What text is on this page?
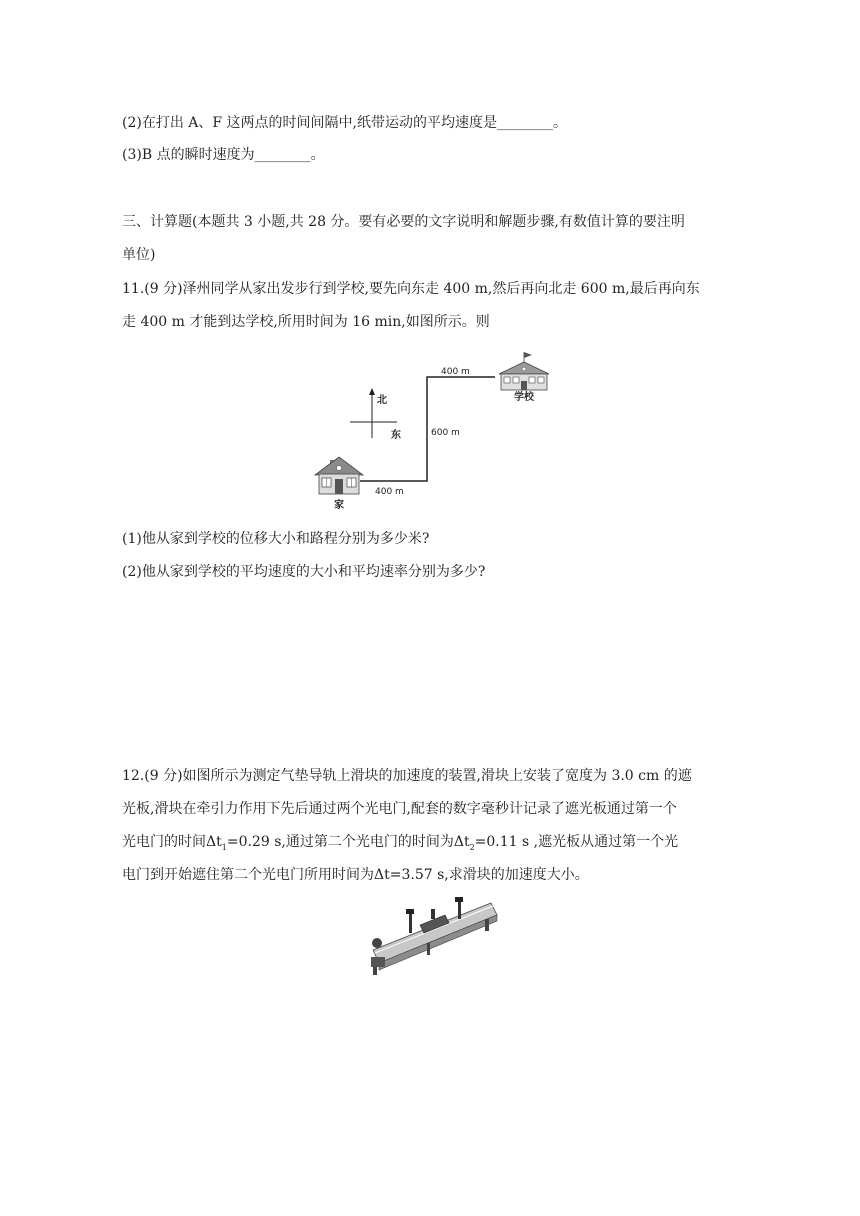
(2)在打出 A、F 这两点的时间间隔中,纸带运动的平均速度是________。
(3)B 点的瞬时速度为________。
三、计算题(本题共 3 小题,共 28 分。要有必要的文字说明和解题步骤,有数值计算的要注明
单位)
11.(9 分)泽州同学从家出发步行到学校,要先向东走 400 m,然后再向北走 600 m,最后再向东
走 400 m 才能到达学校,所用时间为 16 min,如图所示。则
北
东
400 m
600 m
400 m
家
学校
(1)他从家到学校的位移大小和路程分别为多少米?
(2)他从家到学校的平均速度的大小和平均速率分别为多少?
12.(9 分)如图所示为测定气垫导轨上滑块的加速度的装置,滑块上安装了宽度为 3.0 cm 的遮
光板,滑块在牵引力作用下先后通过两个光电门,配套的数字毫秒计记录了遮光板通过第一个
光电门的时间$\Delta t_1=0.29$ s,通过第二个光电门的时间为$\Delta t_2=0.11$ s ,遮光板从通过第一个光
电门到开始遮住第二个光电门所用时间为Δt=3.57 s,求滑块的加速度大小。
